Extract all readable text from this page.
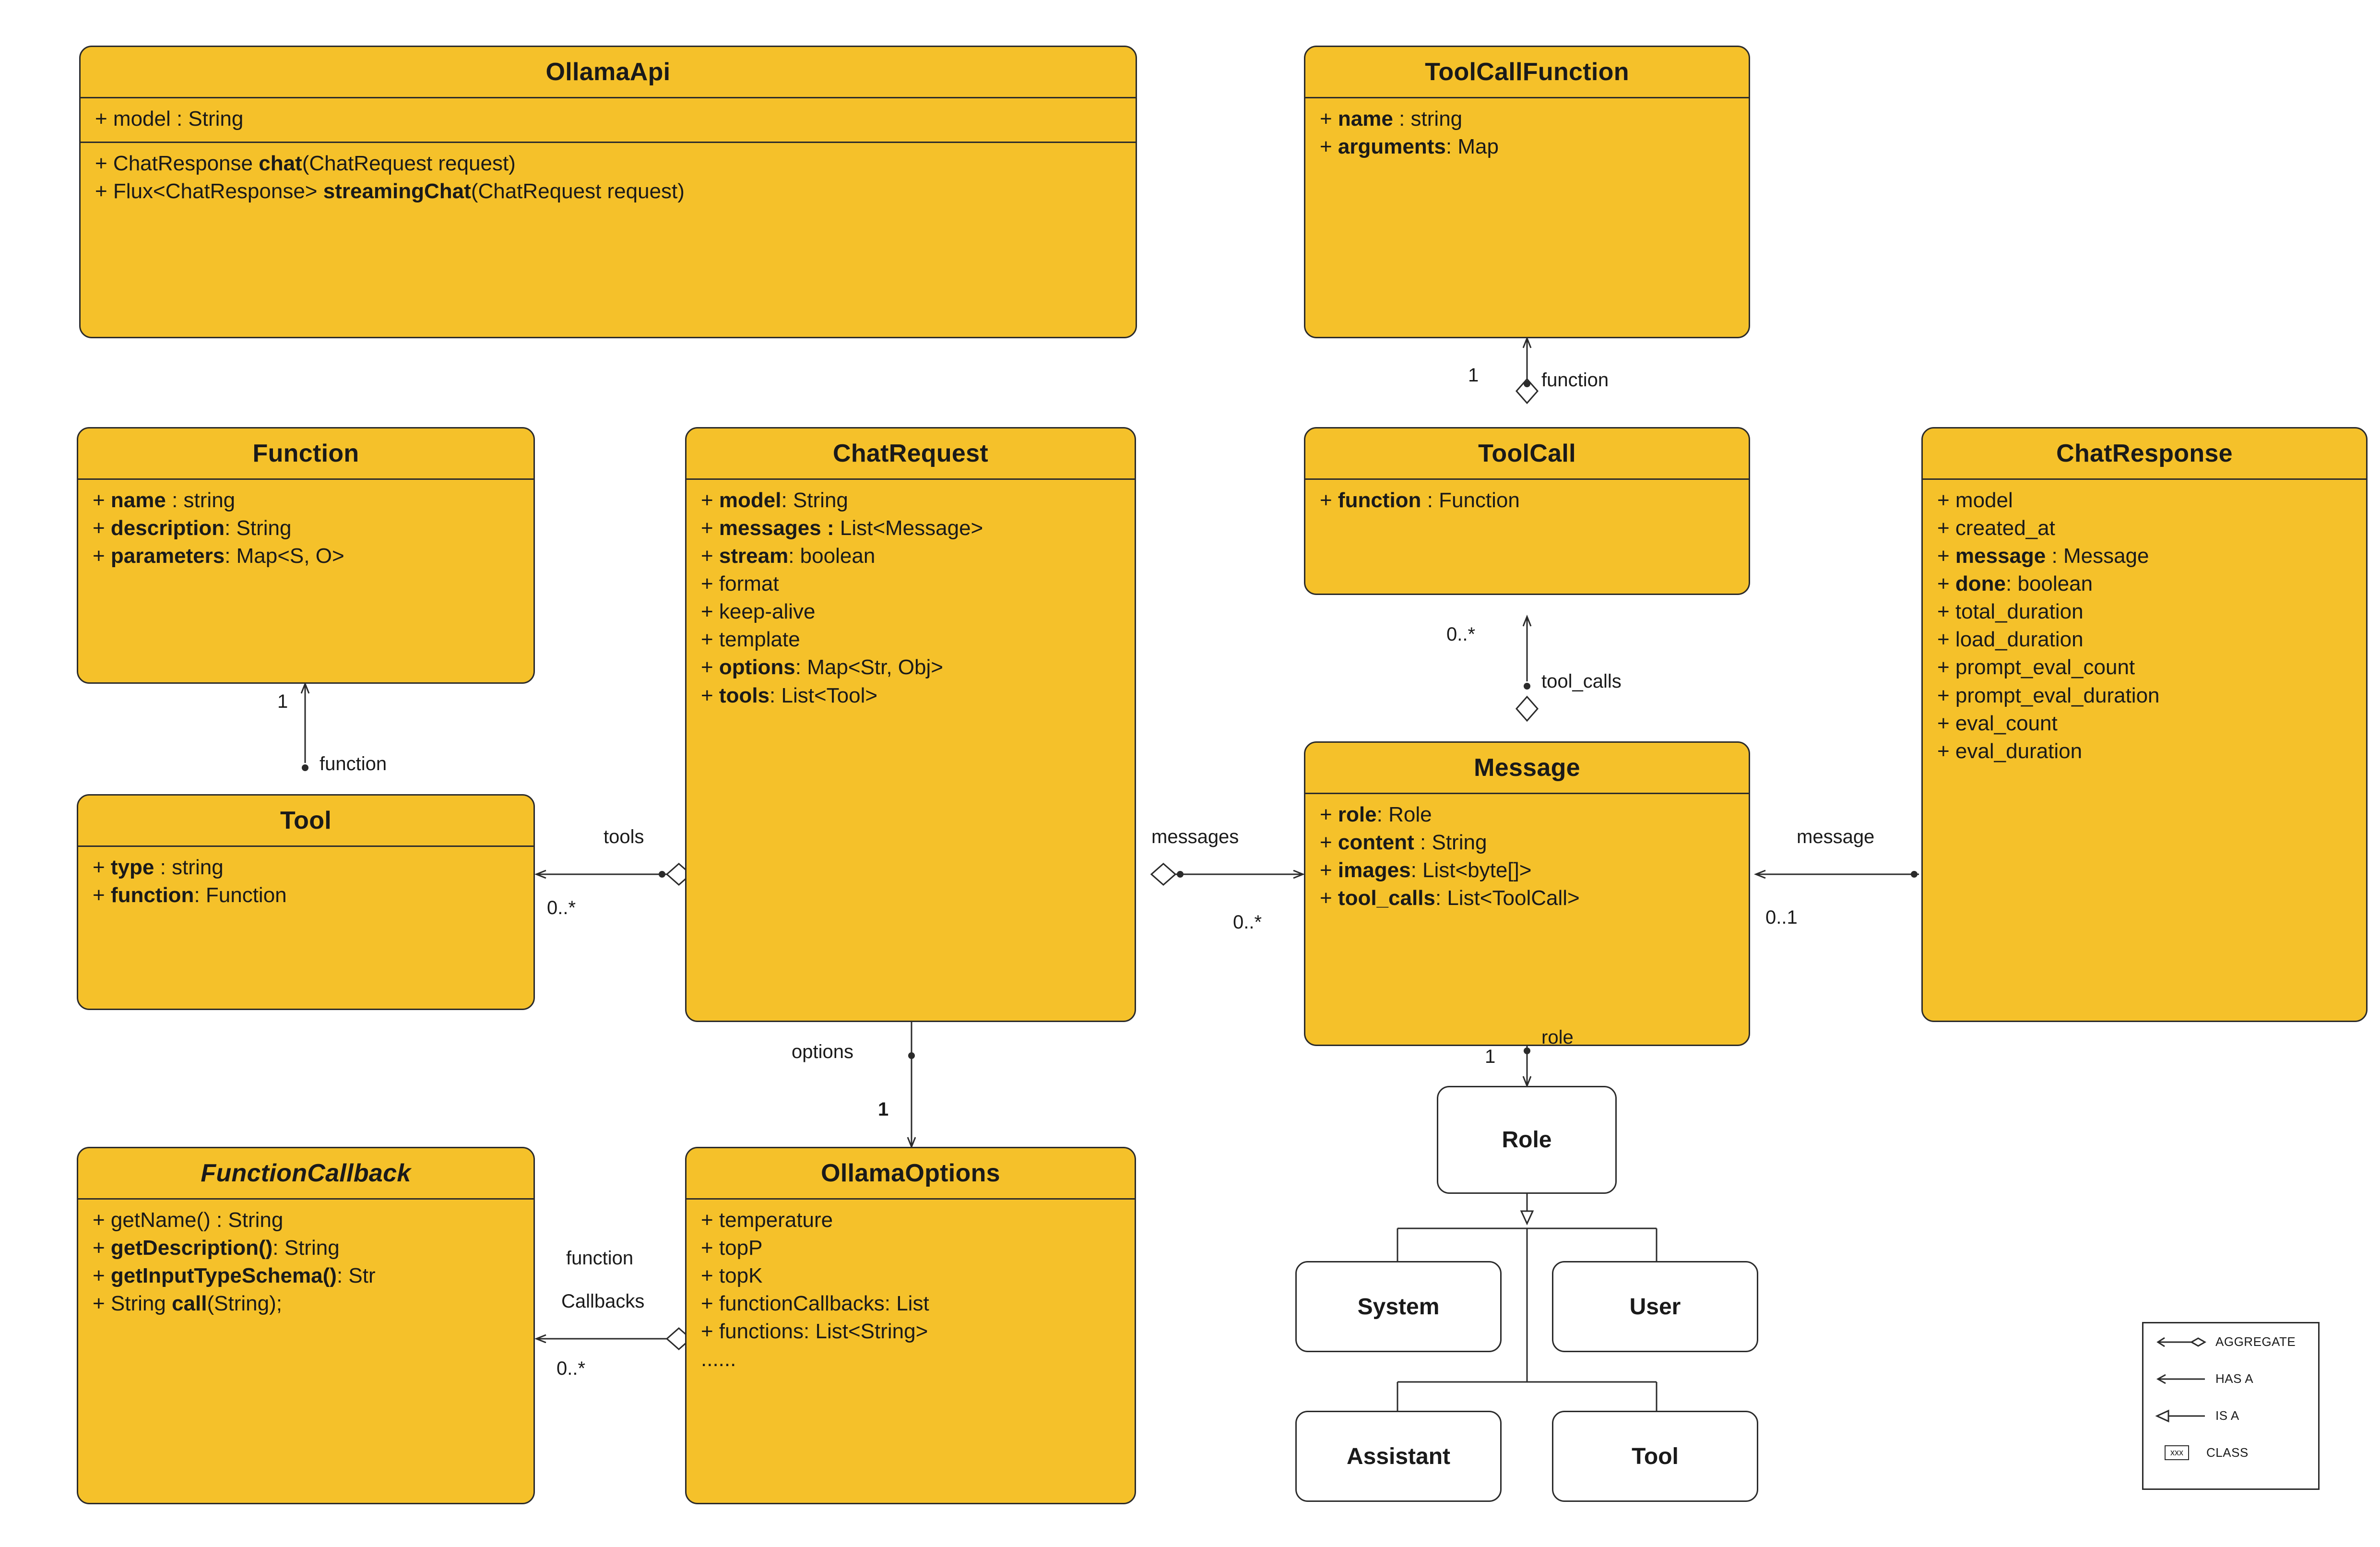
OllamaApi
+ model : String
+ ChatResponse chat(ChatRequest request)
+ Flux<ChatResponse> streamingChat(ChatRequest request)
ToolCallFunction
+ name : string
+ arguments: Map
Function
+ name : string
+ description: String
+ parameters: Map<S, O>
ChatRequest
+ model: String
+ messages : List<Message>
+ stream: boolean
+ format
+ keep-alive
+ template
+ options: Map<Str, Obj>
+ tools: List<Tool>
ToolCall
+ function : Function
ChatResponse
+ model
+ created_at
+ message : Message
+ done: boolean
+ total_duration
+ load_duration
+ prompt_eval_count
+ prompt_eval_duration
+ eval_count
+ eval_duration
Tool
+ type : string
+ function: Function
Message
+ role: Role
+ content : String
+ images: List<byte[]>
+ tool_calls: List<ToolCall>
FunctionCallback
+ getName() : String
+ getDescription(): String
+ getInputTypeSchema(): Str
+ String call(String);
OllamaOptions
+ temperature
+ topP
+ topK
+ functionCallbacks: List
+ functions: List<String>
......
Role
System	User
Assistant	Tool
1	function
0..*
tool_calls
1
function
tools
0..*
messages
0..*
message
0..1
1
role
options
1
function
Callbacks
0..*
AGGREGATE
HAS A
IS A
xxx	CLASS
